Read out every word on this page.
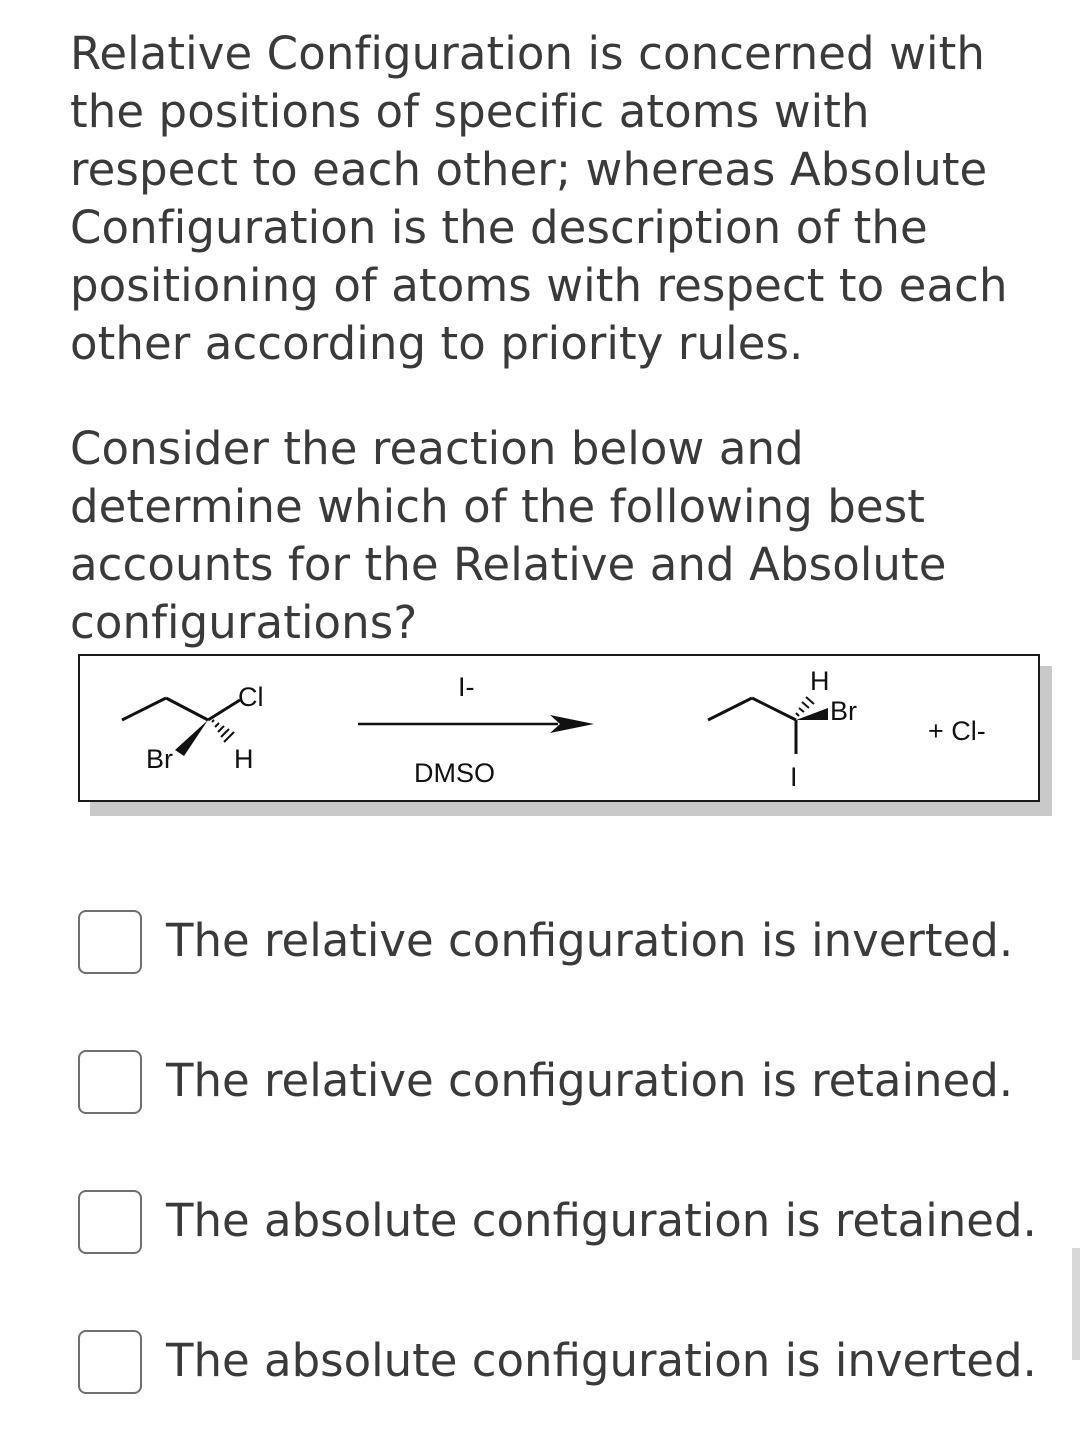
Relative Configuration is concerned with the positions of specific atoms with respect to each other; whereas Absolute Configuration is the description of the positioning of atoms with respect to each other according to priority rules.

Consider the reaction below and determine which of the following best accounts for the Relative and Absolute configurations?

Cl
Br H
I-
DMSO
H
Br
I
+ Cl-
The relative configuration is inverted.
The relative configuration is retained.
The absolute configuration is retained.
The absolute configuration is inverted.
